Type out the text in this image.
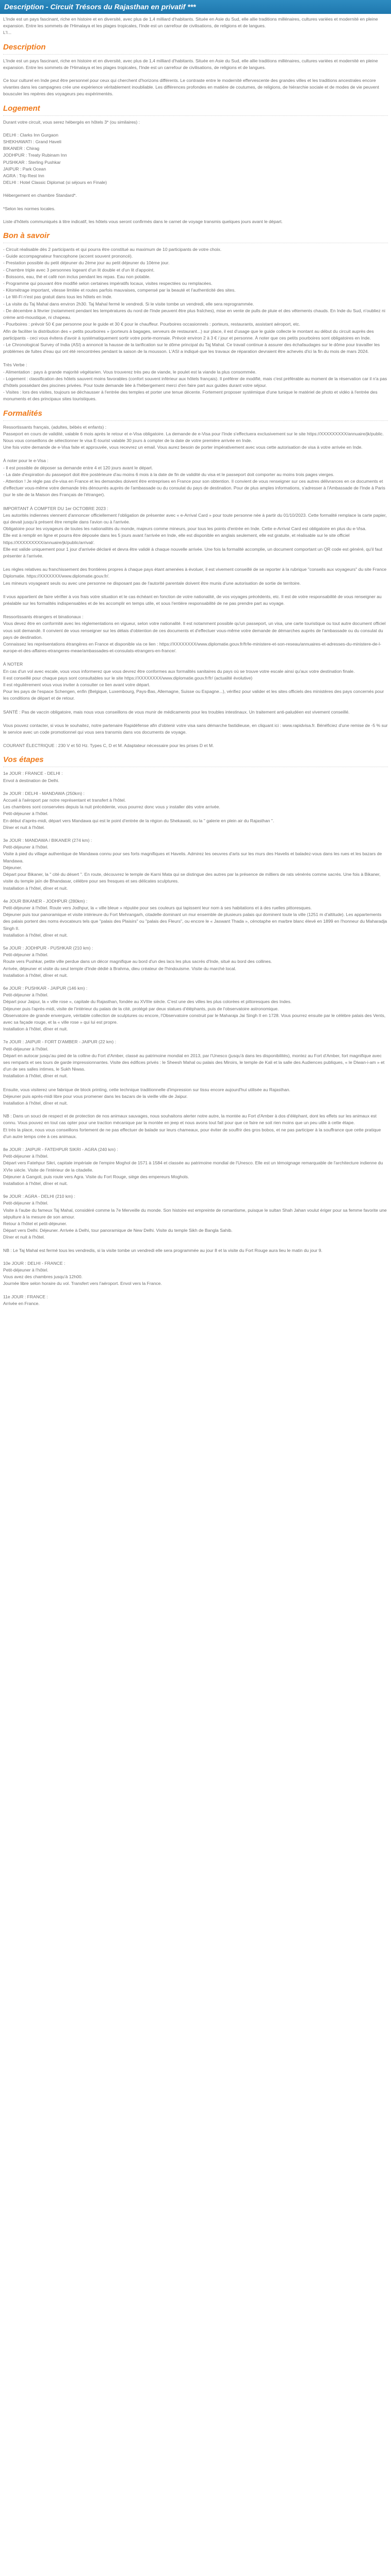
Description - Circuit Trésors du Rajasthan en privatif ***

L'Inde est un pays fascinant, riche en histoire et en diversité, avec plus de 1,4 milliard d'habitants. Située en Asie du Sud, elle allie traditions millénaires, cultures variées et modernité en pleine expansion. Entre les sommets de l'Himalaya et les plages tropicales, l'Inde est un carrefour de civilisations, de religions et de langues.
L'I...

Description

L'Inde est un pays fascinant, riche en histoire et en diversité, avec plus de 1,4 milliard d'habitants. Située en Asie du Sud, elle allie traditions millénaires, cultures variées et modernité en pleine expansion. Entre les sommets de l'Himalaya et les plages tropicales, l'Inde est un carrefour de civilisations, de religions et de langues.

Ce tour culturel en Inde peut être personnel pour ceux qui cherchent d'horizons différents. Le contraste entre le modernité effervescente des grandes villes et les traditions ancestrales encore vivantes dans les campagnes crée une expérience véritablement inoubliable. Les différences profondes en matière de coutumes, de religions, de hiérarchie sociale et de modes de vie peuvent bousculer les repères des voyageurs peu expérimentés.

Logement

Durant votre circuit, vous serez hébergés en hôtels 3* (ou similaires) :

DELHI : Clarks Inn Gurgaon
SHEKHAWATI : Grand Haveli
BIKANER : Chirag
JODHPUR : Treaty Rubinam Inn
PUSHKAR : Sterling Pushkar
JAIPUR : Park Ocean
AGRA : Trip Rest Inn
DELHI : Hotel Classic Diplomat (si séjours en Finale)

Hébergement en chambre Standard*.

*Selon les normes locales.

Liste d'hôtels communiqués à titre indicatif, les hôtels vous seront confirmés dans le carnet de voyage transmis quelques jours avant le départ.

Bon à savoir

- Circuit réalisable dès 2 participants et qui pourra être constitué au maximum de 10 participants de votre choix.
- Guide accompagnateur francophone (accent souvent prononcé).
- Prestation possible du petit déjeuner du 2ème jour au petit déjeuner du 10ème jour.
- Chambre triple avec 3 personnes logeant d'un lit double et d'un lit d'appoint.
- Boissons, eau, thé et café non inclus pendant les repas. Eau non potable.
- Programme qui pouvant être modifié selon certaines impératifs locaux, visites respectées ou remplacées.
- Kilométrage important, vitesse limitée et routes parfois mauvaises, compensé par la beauté et l'authenticité des sites.
- Le Wi-Fi n'est pas gratuit dans tous les hôtels en Inde.
- La visite du Taj Mahal dans environ 2h30. Taj Mahal fermé le vendredi. Si le visite tombe un vendredi, elle sera reprogrammée.
- De décembre à février (notamment pendant les températures du nord de l'Inde peuvent être plus fraîches), mise en vente de pulls de pluie et des vêtements chauds. En Inde du Sud, n'oubliez ni crème anti-moustique, ni chapeau.
- Pourboires : prévoir 50 € par personne pour le guide et 30 € pour le chauffeur. Pourboires occasionnels : porteurs, restaurants, assistant aéroport, etc.
Afin de faciliter la distribution des « petits pourboires » (porteurs à bagages, serveurs de restaurant...) sur place, il est d'usage que le guide collecte le montant au début du circuit auprès des participants - ceci vous évitera d'avoir à systématiquement sortir votre porte-monnaie. Prévoir environ 2 à 3 € / jour et personne. À noter que ces petits pourboires sont obligatoires en Inde.
- Le Chronological Survey of India (ASI) a annoncé la hausse de la tarification sur le dôme principal du Taj Mahal. Ce travail continue à assurer des échafaudages sur le dôme pour travailler les problèmes de fuites d'eau qui ont été rencontrées pendant la saison de la mousson. L'ASI a indiqué que les travaux de réparation devraient être achevés d'ici la fin du mois de mars 2024.
Très Verbe :
- Alimentation : pays à grande majorité végétarien. Vous trouverez très peu de viande, le poulet est la viande la plus consommée.
- Logement : classification des hôtels sauvent moins favorables (confort souvent inférieur aux hôtels français). Il préférer de modifié, mais c'est préférable au moment de la réservation car il n'a pas d'hôtels possédant des piscines privées. Pour toute demande liée à l'hébergement merci d'en faire part aux guides durant votre séjour.
- Visites : lors des visites, toujours se déchausser à l'entrée des temples et porter une tenue décente. Fortement proposer systémique d'une tunique le matériel de photo et vidéo à l'entrée des monuments et des principaux sites touristiques.

Formalités

Ressortissants français, (adultes, bébés et enfants) :
Passeport en cours de validité, valable 6 mois après le retour et e-Visa obligatoire. La demande de e-Visa pour l'Inde s'effectuera exclusivement sur le site https://XXXXXXXXX/annuaire/jk/public.
Nous vous conseillons de sélectionner le visa E-tourist valable 30 jours à compter de la date de votre première arrivée en Inde.
Une fois votre demande de e-Visa faite et approuvée, vous recevrez un email. Vous aurez besoin de porter impérativement avec vous cette autorisation de visa à votre arrivée en Inde.
À noter pour le e-Visa :
- Il est possible de déposer sa demande entre 4 et 120 jours avant le départ.
- La date d'expiration du passeport doit être postérieure d'au moins 6 mois à la date de fin de validité du visa et le passeport doit comporter au moins trois pages vierges.
- Attention ! Je règle pas d'e-visa en France et les demandes doivent être entreprises en France pour son obtention. Il convient de vous renseigner sur ces autres délivrances en ce documents et d'effectuer vous-même votre demande très dénourrés auprès de l'ambassade ou du consulat du pays de destination. Pour de plus amples informations, s'adresser à l'Ambassade de l'Inde à Paris (sur le site de la Maison des Français de l'étranger).
IMPORTANT À COMPTER DU 1er OCTOBRE 2023 :
Les autorités indiennes viennent d'annoncer officiellement l'obligation de présenter avec « e-Arrival Card » pour toute personne née à partir du 01/10/2023. Cette formalité remplace la carte papier, qui devait jusqu'à présent être remplie dans l'avion ou à l'arrivée.
Obligatoire pour les voyageurs de toutes les nationalités du monde, majeurs comme mineurs, pour tous les points d'entrée en Inde. Cette e-Arrival Card est obligatoire en plus du e-Visa.
Elle est à remplir en ligne et pourra être déposée dans les 5 jours avant l'arrivée en Inde, elle est disponible en anglais seulement, elle est gratuite, et réalisable sur le site officiel https://XXXXXXXXX/annuaire/jk/public/arrival/.
Elle est valide uniquement pour 1 jour d'arrivée déclaré et devra être validé à chaque nouvelle arrivée. Une fois la formalité accomplie, un document comportant un QR code est généré, qu'il faut présenter à l'arrivée.
Les règles relatives au franchissement des frontières propres à chaque pays étant amenées à évoluer, il est vivement conseillé de se reporter à la rubrique "conseils aux voyageurs" du site France Diplomatie. https://XXXXXXX/www.diplomatie.gouv.fr/.
Les mineurs voyageant seuls ou avec une personne ne disposant pas de l'autorité parentale doivent être munis d'une autorisation de sortie de territoire.
Il vous appartient de faire vérifier à vos frais votre situation et le cas échéant en fonction de votre nationalité, de vos voyages précédents, etc. Il est de votre responsabilité de vous renseigner au préalable sur les formalités indispensables et de les accomplir en temps utile, et sous l'entière responsabilité de ne pas prendre part au voyage.
Ressortissants étrangers et binationaux :
Vous devez être en conformité avec les réglementations en vigueur, selon votre nationalité. Il est notamment possible qu'un passeport, un visa, une carte touristique ou tout autre document officiel vous soit demandé. Il convient de vous renseigner sur les délais d'obtention de ces documents et d'effectuer vous-même votre demande de démarches auprès de l'ambassade ou du consulat du pays de destination.
Connaissez les représentations étrangères en France et disponible via ce lien : https://XXXXXXXX/www.diplomatie.gouv.fr/fr/le-ministere-et-son-reseau/annuaires-et-adresses-du-ministere-de-l-europe-et-des-affaires-etrangeres-meae/ambassades-et-consulats-etrangers-en-france/.
À NOTER
En cas d'un vol avec escale, vous vous informerez que vous devrez être conformes aux formalités sanitaires du pays où se trouve votre escale ainsi qu'aux votre destination finale.
Il est conseillé pour chaque pays sont consultables sur le site https://XXXXXXXX/www.diplomatie.gouv.fr/fr/ (actualité évolutive)
Il est régulièrement vous vous inviter à consulter ce lien avant votre départ.
Pour les pays de l'espace Schengen, enfin (Belgique, Luxembourg, Pays-Bas, Allemagne, Suisse ou Espagne...), vérifiez pour valider et les sites officiels des ministères des pays concernés pour les conditions de départ et de retour.
SANTÉ : Pas de vaccin obligatoire, mais nous vous conseillons de vous munir de médicaments pour les troubles intestinaux. Un traitement anti-paludéen est vivement conseillé.
Vous pouvez contacter, si vous le souhaitez, notre partenaire Rapidéfense afin d'obtenir votre visa sans démarche fastidieuse, en cliquant ici : www.rapidvisa.fr. Bénéficiez d'une remise de -5 % sur le service avec un code promotionnel qui vous sera transmis dans vos documents de voyage.
COURANT ÉLECTRIQUE : 230 V et 50 Hz. Types C, D et M. Adaptateur nécessaire pour les prises D et M.

Vos étapes

1e JOUR : FRANCE - DELHI :
Envol à destination de Delhi.

2e JOUR : DELHI - MANDAWA (250km) :
Accueil à l'aéroport par notre représentant et transfert à l'hôtel.
Les chambres sont conservées depuis la nuit précédente, vous pourrez donc vous y installer dès votre arrivée.
Petit-déjeuner à l'hôtel.
En début d'après-midi, départ vers Mandawa qui est le point d'entrée de la région du Shekawati, ou la " galerie en plein air du Rajasthan ".
Dîner et nuit à l'hôtel.

3e JOUR : MANDAWA / BIKANER (274 km) :
Petit-déjeuner à l'hôtel.
Visite à pied du village authentique de Mandawa connu pour ses forts magnifiques et Havelis. Admirez les oeuvres d'arts sur les murs des Havelis et baladez-vous dans les rues et les bazars de Mandawa.
Déjeuner.
Départ pour Bikaner, la " cité du désert ". En route, découvrez le temple de Karni Mata qui se distingue des autres par la présence de milliers de rats vénérés comme sacrés. Une fois à Bikaner, visite du temple jaïn de Bhandasar, célèbre pour ses fresques et ses délicates sculptures.
Installation à l'hôtel, dîner et nuit.

4e JOUR BIKANER - JODHPUR (280km) :
Petit-déjeuner à l'hôtel. Route vers Jodhpur, la « ville bleue » réputée pour ses couleurs qui tapissent leur nom à ses habitations et à des ruelles pittoresques.
Déjeuner puis tour panoramique et visite intérieure du Fort Mehrangarh, citadelle dominant un mur ensemble de plusieurs palais qui dominent toute la ville (1251 m d'altitude). Les appartements des palais portent des noms évocateurs tels que "palais des Plaisirs" ou "palais des Fleurs", ou encore le « Jaswant Thada », cénotaphe en marbre blanc élevé en 1899 en l'honneur du Maharadja Singh II.
Installation à l'hôtel, dîner et nuit.

5e JOUR : JODHPUR - PUSHKAR (210 km) :
Petit-déjeuner à l'hôtel.
Route vers Pushkar, petite ville perdue dans un décor magnifique au bord d'un des lacs les plus sacrés d'Inde, situé au bord des collines.
Arrivée, déjeuner et visite du seul temple d'Inde dédié à Brahma, dieu créateur de l'hindouisme. Visite du marché local.
Installation à l'hôtel, dîner et nuit.

6e JOUR : PUSHKAR - JAIPUR (146 km) :
Petit-déjeuner à l'hôtel.
Départ pour Jaipur, la « ville rose », capitale du Rajasthan, fondée au XVIIIe siècle. C'est une des villes les plus colorées et pittoresques des Indes.
Déjeuner puis l'après-midi, visite de l'intérieur du palais de la cité, protégé par deux statues d'éléphants, puis de l'observatoire astronomique.
Observatoire de grande envergure, véritable collection de sculptures ou encore, l'Observatoire construit par le Maharaja Jai Singh II en 1728. Vous pourrez ensuite par le célèbre palais des Vents, avec sa façade rouge, et la « ville rose » qui lui est propre.
Installation à l'hôtel, dîner et nuit.

7e JOUR : JAIPUR - FORT D'AMBER - JAIPUR (22 km) :
Petit-déjeuner à l'hôtel.
Départ en autocar jusqu'au pied de la colline du Fort d'Amber, classé au patrimoine mondial en 2013, par l'Unesco (jusqu'à dans les disponibilités), montez au Fort d'Amber, fort magnifique avec ses remparts et ses tours de garde impressionnantes. Visite des édifices privés : le Sheesh Mahal ou palais des Miroirs, le temple de Kali et la salle des Audiences publiques, « le Diwan-i-am » et d'un de ses salles intimes, le Sukh Niwas.
Installation à l'hôtel, dîner et nuit.
Ensuite, vous visiterez une fabrique de block printing, cette technique traditionnelle d'impression sur tissu encore aujourd'hui utilisée au Rajasthan.
Déjeuner puis après-midi libre pour vous promener dans les bazars de la vieille ville de Jaipur.
Installation à l'hôtel, dîner et nuit.

NB : Dans un souci de respect et de protection de nos animaux sauvages, nous souhaitons alerter notre autre, la montée au Fort d'Amber à dos d'éléphant, dont les effets sur les animaux est connu. Vous pouvez en tout cas opter pour une traction mécanique par la montée en jeep et nous avons tout fait pour que ce faire ne soit rien moins que un peu utile à cette étape.
Et très la place, nous vous conseillons fortement de ne pas effectuer de balade sur leurs chameaux, pour éviter de souffrir des gros bobos, et ne pas participer à la souffrance que cette pratique d'un autre temps crée à ces animaux.

8e JOUR : JAIPUR - FATEHPUR SIKRI - AGRA (240 km) :
Petit-déjeuner à l'hôtel.
Départ vers Fatehpur Sikri, capitale impériale de l'empire Moghol de 1571 à 1584 et classée au patrimoine mondial de l'Unesco. Elle est un témoignage remarquable de l'architecture indienne du XVIe siècle. Visite de l'intérieur de la citadelle.
Déjeuner à Gangoli, puis route vers Agra. Visite du Fort Rouge, siège des empereurs Moghols.
Installation à l'hôtel, dîner et nuit.

9e JOUR : AGRA - DELHI (210 km) :
Petit-déjeuner à l'hôtel.
Visite à l'aube du fameux Taj Mahal, considéré comme la 7e Merveille du monde. Son histoire est empreinte de romantisme, puisque le sultan Shah Jahan voulut ériger pour sa femme favorite une sépulture à la mesure de son amour.
Retour à l'hôtel et petit-déjeuner.
Départ vers Delhi. Déjeuner. Arrivée à Delhi, tour panoramique de New Delhi. Visite du temple Sikh de Bangla Sahib.
Dîner et nuit à l'hôtel.

NB : Le Taj Mahal est fermé tous les vendredis, si la visite tombe un vendredi elle sera programmée au jour 8 et la visite du Fort Rouge aura lieu le matin du jour 9.

10e JOUR : DELHI - FRANCE :
Petit-déjeuner à l'hôtel.
Vous avez des chambres jusqu'à 12h00.
Journée libre selon horaire du vol. Transfert vers l'aéroport. Envol vers la France.

11e JOUR : FRANCE :
Arrivée en France.
